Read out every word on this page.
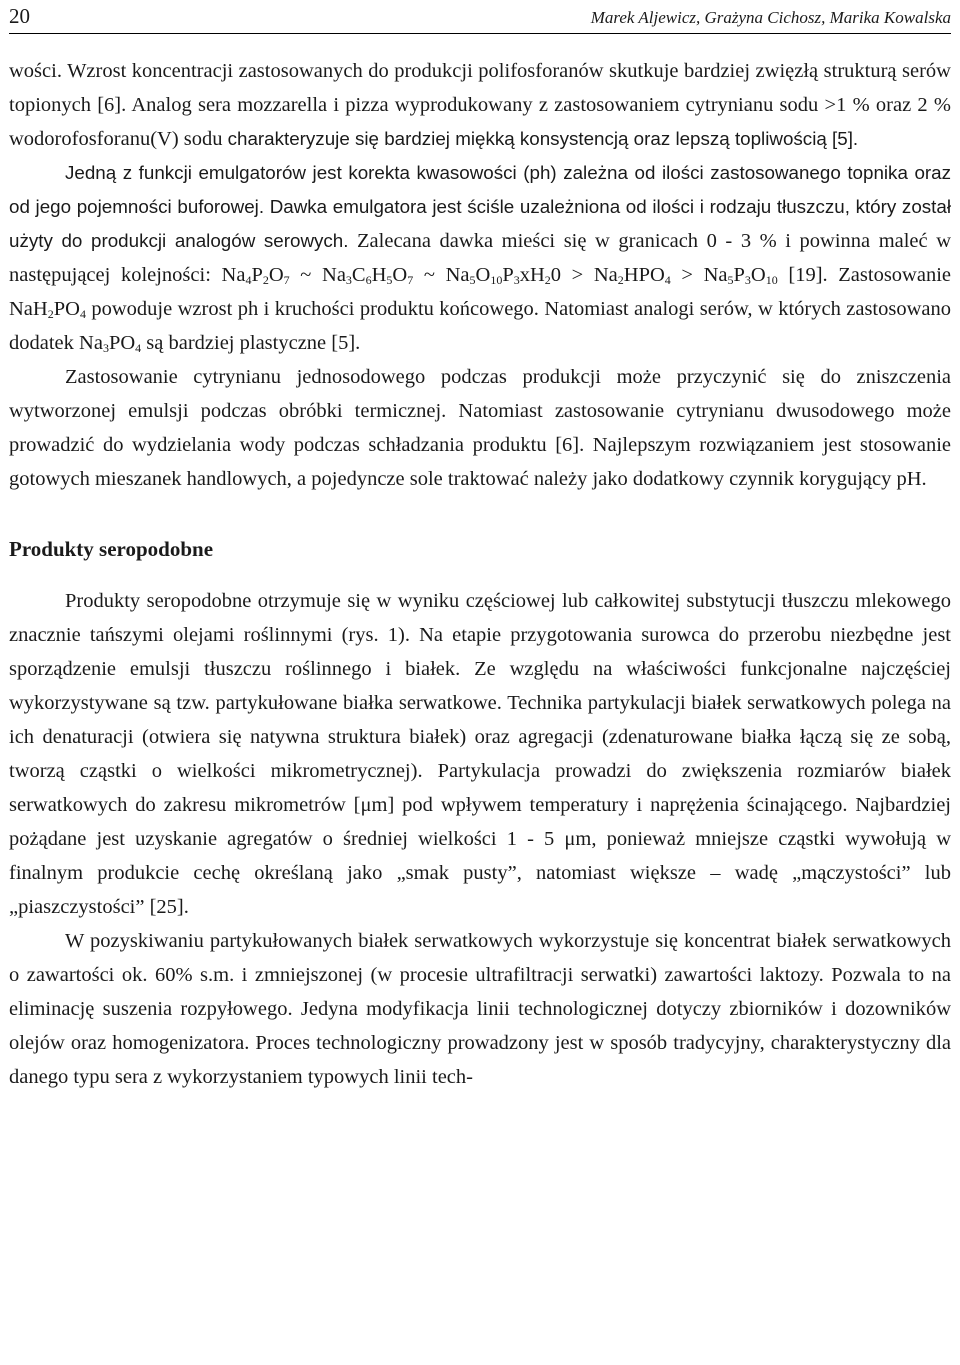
20	Marek Aljewicz, Grażyna Cichosz, Marika Kowalska

wości. Wzrost koncentracji zastosowanych do produkcji polifosforanów skutkuje bardziej zwięzłą strukturą serów topionych [6]. Analog sera mozzarella i pizza wyprodukowany z zastosowaniem cytrynianu sodu >1 % oraz 2 % wodorofosforanu(V) sodu charakteryzuje się bardziej miękką konsystencją oraz lepszą topliwością [5].

Jedną z funkcji emulgatorów jest korekta kwasowości (ph) zależna od ilości zastosowanego topnika oraz od jego pojemności buforowej. Dawka emulgatora jest ściśle uzależniona od ilości i rodzaju tłuszczu, który został użyty do produkcji analogów serowych. Zalecana dawka mieści się w granicach 0 - 3 % i powinna maleć w następującej kolejności: $Na_4P_2O_7$ ~ $Na_3C_6H_5O_7$ ~ $Na_5O_{10}P_3xH_20 > Na_2HPO_4 > Na_5P_3O_{10}$ [19]. Zastosowanie $NaH_2PO_4$ powoduje wzrost ph i kruchości produktu końcowego. Natomiast analogi serów, w których zastosowano dodatek $Na_3PO_4$ są bardziej plastyczne [5].

Zastosowanie cytrynianu jednosodowego podczas produkcji może przyczynić się do zniszczenia wytworzonej emulsji podczas obróbki termicznej. Natomiast zastosowanie cytrynianu dwusodowego może prowadzić do wydzielania wody podczas schładzania produktu [6]. Najlepszym rozwiązaniem jest stosowanie gotowych mieszanek handlowych, a pojedyncze sole traktować należy jako dodatkowy czynnik korygujący pH.

Produkty seropodobne

Produkty seropodobne otrzymuje się w wyniku częściowej lub całkowitej substytucji tłuszczu mlekowego znacznie tańszymi olejami roślinnymi (rys. 1). Na etapie przygotowania surowca do przerobu niezbędne jest sporządzenie emulsji tłuszczu roślinnego i białek. Ze względu na właściwości funkcjonalne najczęściej wykorzystywane są tzw. partykułowane białka serwatkowe. Technika partykulacji białek serwatkowych polega na ich denaturacji (otwiera się natywna struktura białek) oraz agregacji (zdenaturowane białka łączą się ze sobą, tworzą cząstki o wielkości mikrometrycznej). Partykulacja prowadzi do zwiększenia rozmiarów białek serwatkowych do zakresu mikrometrów [μm] pod wpływem temperatury i naprężenia ścinającego. Najbardziej pożądane jest uzyskanie agregatów o średniej wielkości 1 - 5 μm, ponieważ mniejsze cząstki wywołują w finalnym produkcie cechę określaną jako „smak pusty”, natomiast większe – wadę „mączystości” lub „piaszczystości” [25].

W pozyskiwaniu partykułowanych białek serwatkowych wykorzystuje się koncentrat białek serwatkowych o zawartości ok. 60% s.m. i zmniejszonej (w procesie ultrafiltracji serwatki) zawartości laktozy. Pozwala to na eliminację suszenia rozpyłowego. Jedyna modyfikacja linii technologicznej dotyczy zbiorników i dozowników olejów oraz homogenizatora. Proces technologiczny prowadzony jest w sposób tradycyjny, charakterystyczny dla danego typu sera z wykorzystaniem typowych linii tech-
